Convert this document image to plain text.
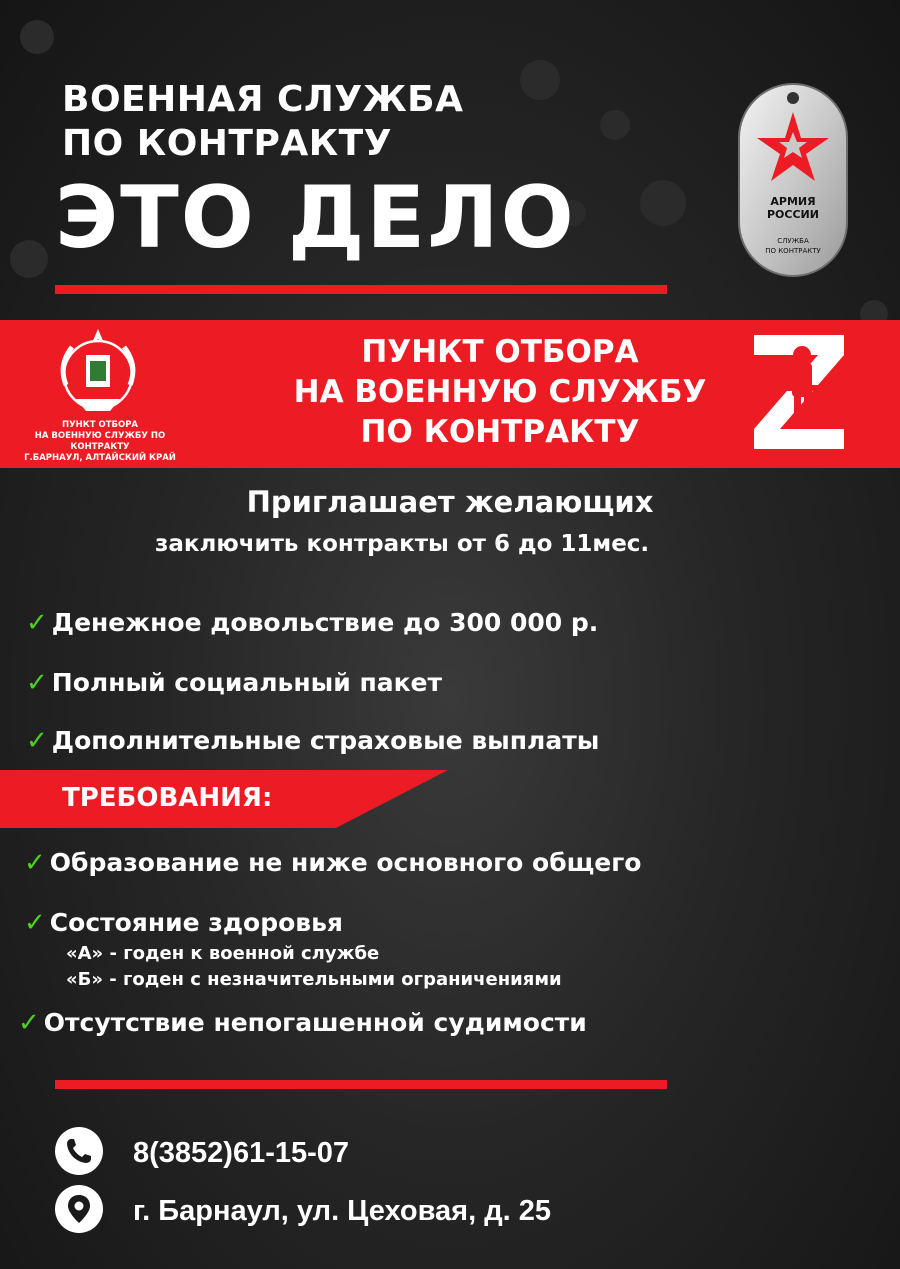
ВОЕННАЯ СЛУЖБА
ПО КОНТРАКТУ
ЭТО ДЕЛО	АРМИЯ
РОССИИ
СЛУЖБА
ПО КОНТРАКТУ
ПУНКТ ОТБОРА
НА ВОЕННУЮ СЛУЖБУ ПО КОНТРАКТУ
Г.БАРНАУЛ, АЛТАЙСКИЙ КРАЙ
ПУНКТ ОТБОРА
НА ВОЕННУЮ СЛУЖБУ
ПО КОНТРАКТУ
Приглашает желающих
заключить контракты от 6 до 11мес.
✓ Денежное довольствие до 300 000 р.
✓ Полный социальный пакет
✓ Дополнительные страховые выплаты
ТРЕБОВАНИЯ:
✓ Образование не ниже основного общего
✓ Состояние здоровья
«А» - годен к военной службе
«Б» - годен с незначительными ограничениями
✓ Отсутствие непогашенной судимости
8(3852)61-15-07
г. Барнаул, ул. Цеховая, д. 25
